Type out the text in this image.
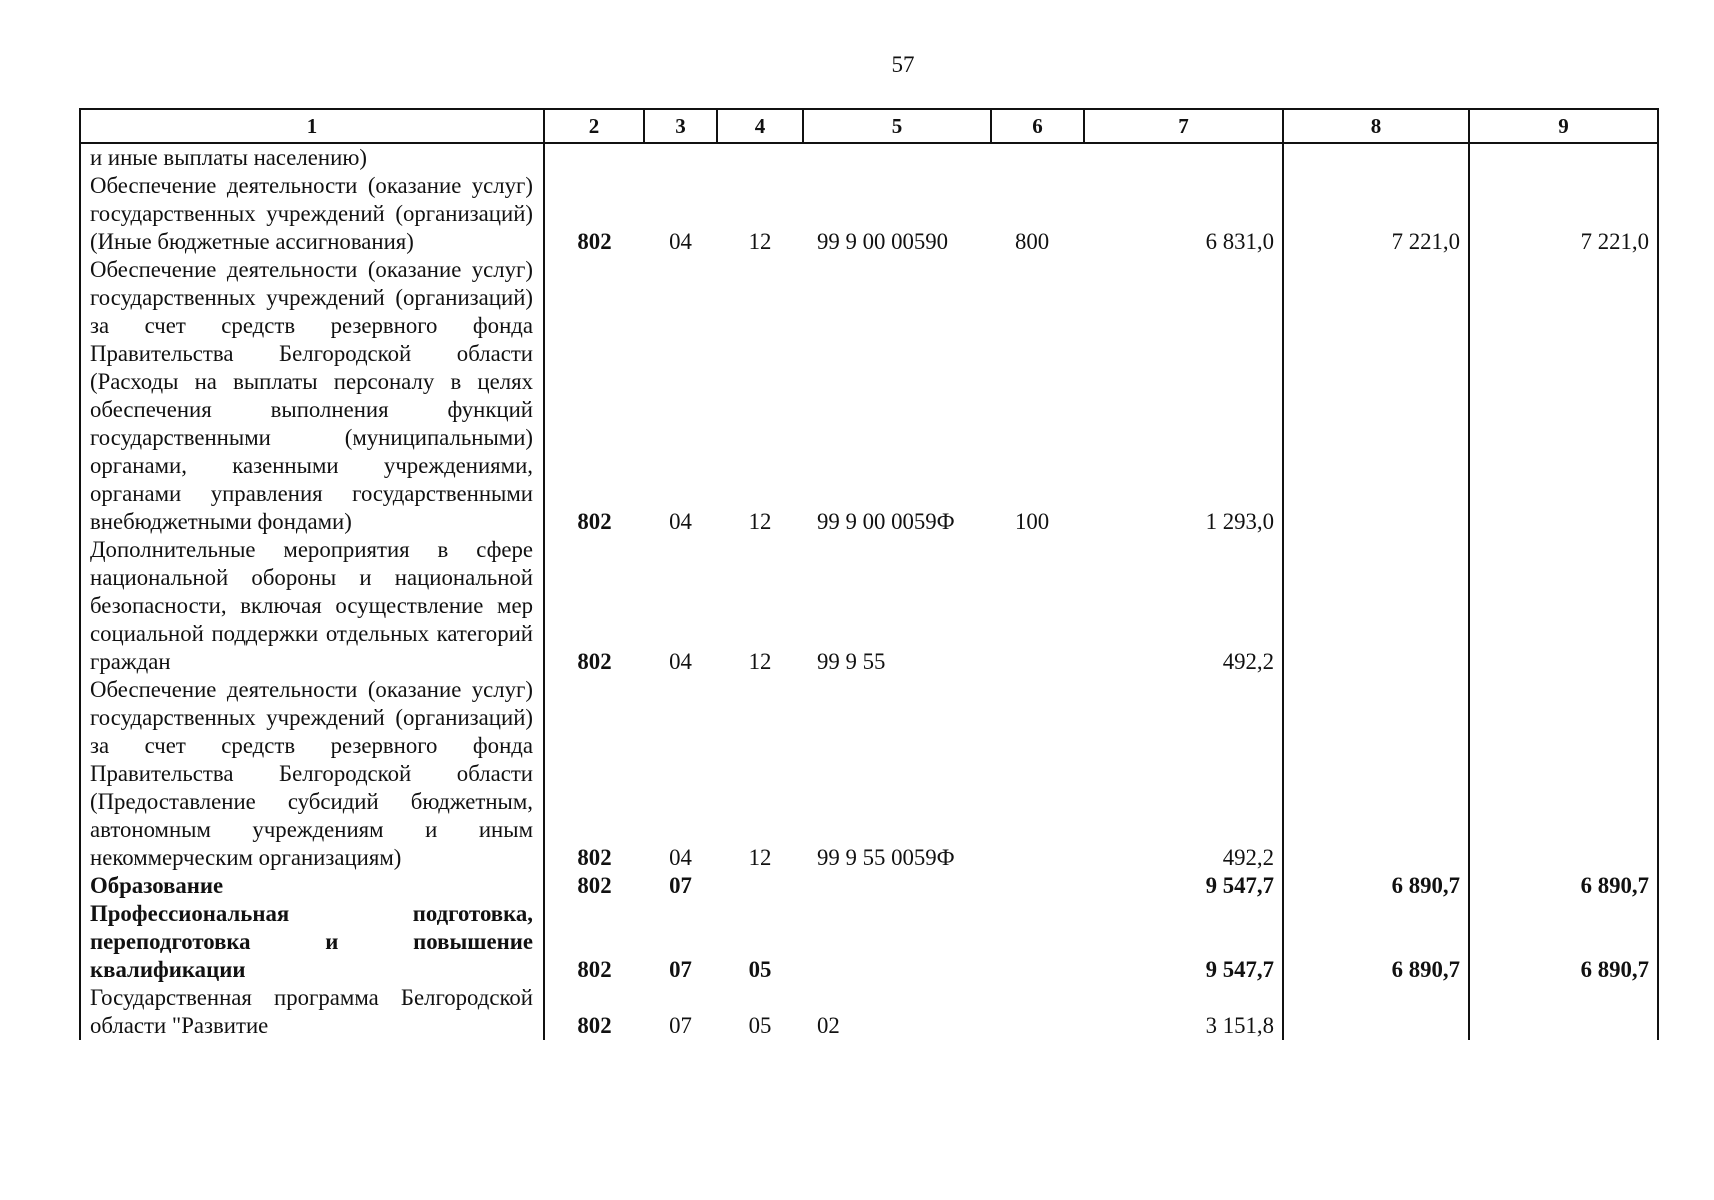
57
1	2	3	4	5	6	7	8	9
и иные выплаты населению)								
Обеспечение деятельности (оказание услуг) государственных учреждений (организаций) (Иные бюджетные ассигнования)	802	04	12	99 9 00 00590	800	6 831,0	7 221,0	7 221,0
Обеспечение деятельности (оказание услуг) государственных учреждений (организаций) за счет средств резервного фонда Правительства Белгородской области (Расходы на выплаты персоналу в целях обеспечения выполнения функций государственными (муниципальными) органами, казенными учреждениями, органами управления государственными внебюджетными фондами)	802	04	12	99 9 00 0059Ф	100	1 293,0		
Дополнительные мероприятия в сфере национальной обороны и национальной безопасности, включая осуществление мер социальной поддержки отдельных категорий граждан	802	04	12	99 9 55		492,2		
Обеспечение деятельности (оказание услуг) государственных учреждений (организаций) за счет средств резервного фонда Правительства Белгородской области (Предоставление субсидий бюджетным, автономным учреждениям и иным некоммерческим организациям)	802	04	12	99 9 55 0059Ф		492,2		
Образование	802	07				9 547,7	6 890,7	6 890,7
Профессиональная подготовка, переподготовка и повышение квалификации	802	07	05			9 547,7	6 890,7	6 890,7
Государственная программа Белгородской области "Развитие	802	07	05	02		3 151,8		
